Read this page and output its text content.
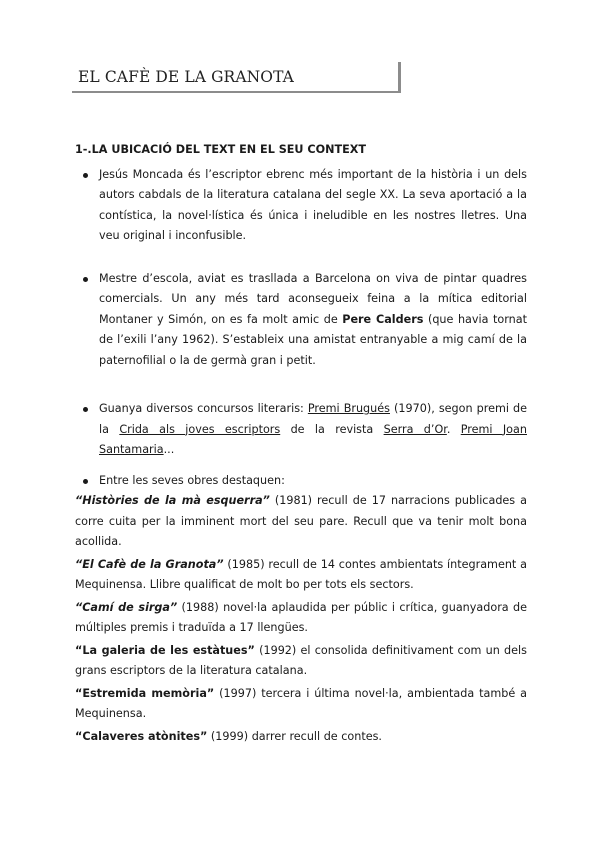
EL CAFÈ DE LA GRANOTA

1-.LA UBICACIÓ DEL TEXT EN EL SEU CONTEXT

Jesús Moncada és l’escriptor ebrenc més important de la història i un dels autors cabdals de la literatura catalana del segle XX. La seva aportació a la contística, la novel·lística és única i ineludible en les nostres lletres. Una veu original i inconfusible.
Mestre d’escola, aviat es trasllada a Barcelona on viva de pintar quadres comercials. Un any més tard aconsegueix feina a la mítica editorial Montaner y Simón, on es fa molt amic de Pere Calders (que havia tornat de l’exili l’any 1962). S’estableix una amistat entranyable a mig camí de la paternofilial o la de germà gran i petit.
Guanya diversos concursos literaris: Premi Brugués (1970), segon premi de la Crida als joves escriptors de la revista Serra d’Or. Premi Joan Santamaria...
Entre les seves obres destaquen:

“Històries de la mà esquerra” (1981) recull de 17 narracions publicades a corre cuita per la imminent mort del seu pare. Recull que va tenir molt bona acollida.

“El Cafè de la Granota” (1985) recull de 14 contes ambientats íntegrament a Mequinensa. Llibre qualificat de molt bo per tots els sectors.

“Camí de sirga” (1988) novel·la aplaudida per públic i crítica, guanyadora de múltiples premis i traduïda a 17 llengües.

“La galeria de les estàtues” (1992) el consolida definitivament com un dels grans escriptors de la literatura catalana.

“Estremida memòria” (1997) tercera i última novel·la, ambientada també a Mequinensa.

“Calaveres atònites” (1999) darrer recull de contes.
